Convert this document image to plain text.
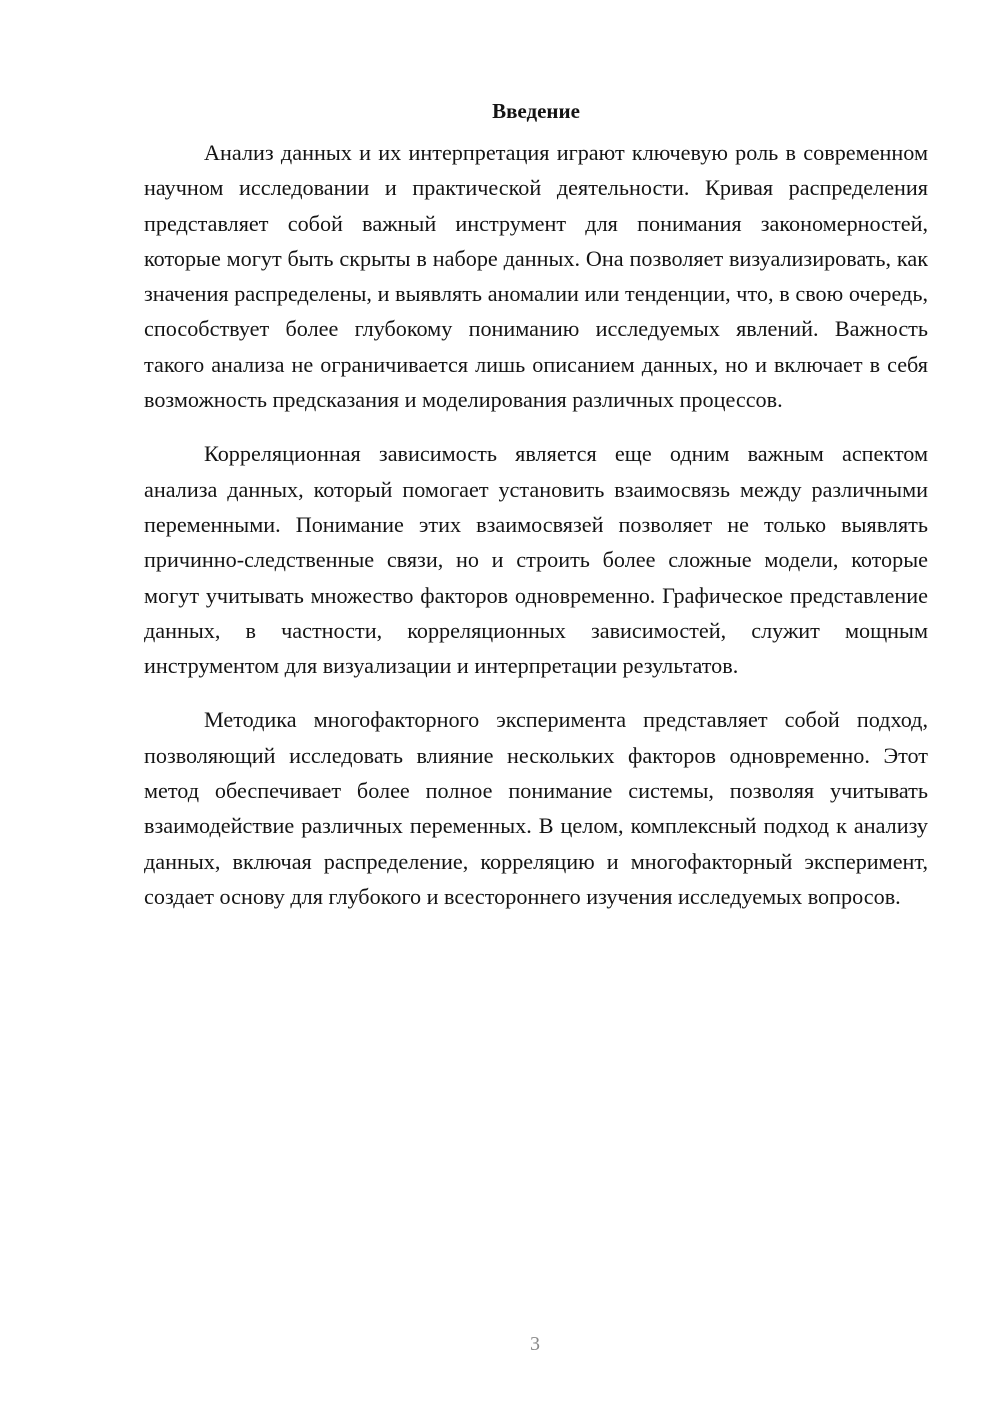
Введение

Анализ данных и их интерпретация играют ключевую роль в современном научном исследовании и практической деятельности. Кривая распределения представляет собой важный инструмент для понимания закономерностей, которые могут быть скрыты в наборе данных. Она позволяет визуализировать, как значения распределены, и выявлять аномалии или тенденции, что, в свою очередь, способствует более глубокому пониманию исследуемых явлений. Важность такого анализа не ограничивается лишь описанием данных, но и включает в себя возможность предсказания и моделирования различных процессов.

Корреляционная зависимость является еще одним важным аспектом анализа данных, который помогает установить взаимосвязь между различными переменными. Понимание этих взаимосвязей позволяет не только выявлять причинно-следственные связи, но и строить более сложные модели, которые могут учитывать множество факторов одновременно. Графическое представление данных, в частности, корреляционных зависимостей, служит мощным инструментом для визуализации и интерпретации результатов.

Методика многофакторного эксперимента представляет собой подход, позволяющий исследовать влияние нескольких факторов одновременно. Этот метод обеспечивает более полное понимание системы, позволяя учитывать взаимодействие различных переменных. В целом, комплексный подход к анализу данных, включая распределение, корреляцию и многофакторный эксперимент, создает основу для глубокого и всестороннего изучения исследуемых вопросов.

3
